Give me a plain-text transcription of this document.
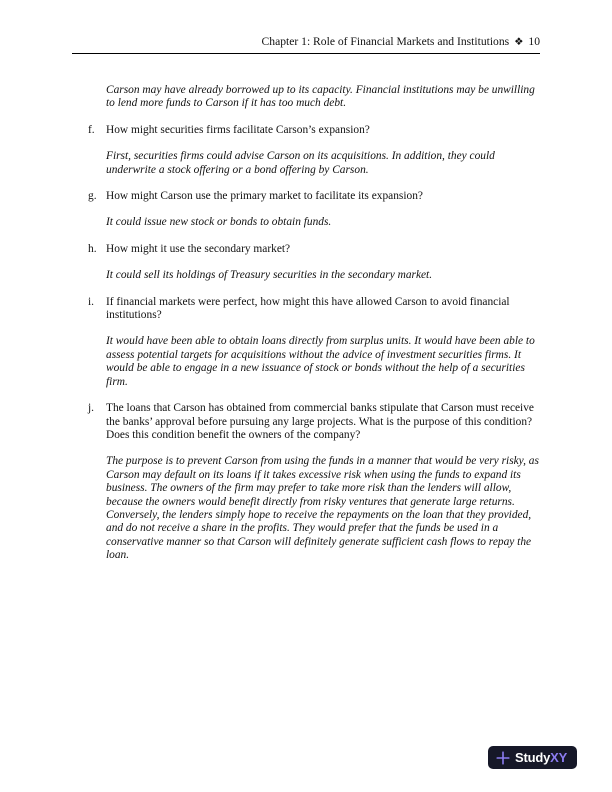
Chapter 1: Role of Financial Markets and Institutions ❖ 10
Carson may have already borrowed up to its capacity. Financial institutions may be unwilling to lend more funds to Carson if it has too much debt.
f. How might securities firms facilitate Carson’s expansion?
First, securities firms could advise Carson on its acquisitions. In addition, they could underwrite a stock offering or a bond offering by Carson.
g. How might Carson use the primary market to facilitate its expansion?
It could issue new stock or bonds to obtain funds.
h. How might it use the secondary market?
It could sell its holdings of Treasury securities in the secondary market.
i.	If financial markets were perfect, how might this have allowed Carson to avoid financial institutions?
It would have been able to obtain loans directly from surplus units. It would have been able to assess potential targets for acquisitions without the advice of investment securities firms. It would be able to engage in a new issuance of stock or bonds without the help of a securities firm.
j.	The loans that Carson has obtained from commercial banks stipulate that Carson must receive the banks’ approval before pursuing any large projects. What is the purpose of this condition? Does this condition benefit the owners of the company?
The purpose is to prevent Carson from using the funds in a manner that would be very risky, as Carson may default on its loans if it takes excessive risk when using the funds to expand its business. The owners of the firm may prefer to take more risk than the lenders will allow, because the owners would benefit directly from risky ventures that generate large returns. Conversely, the lenders simply hope to receive the repayments on the loan that they provided, and do not receive a share in the profits. They would prefer that the funds be used in a conservative manner so that Carson will definitely generate sufficient cash flows to repay the loan.
StudyXY
